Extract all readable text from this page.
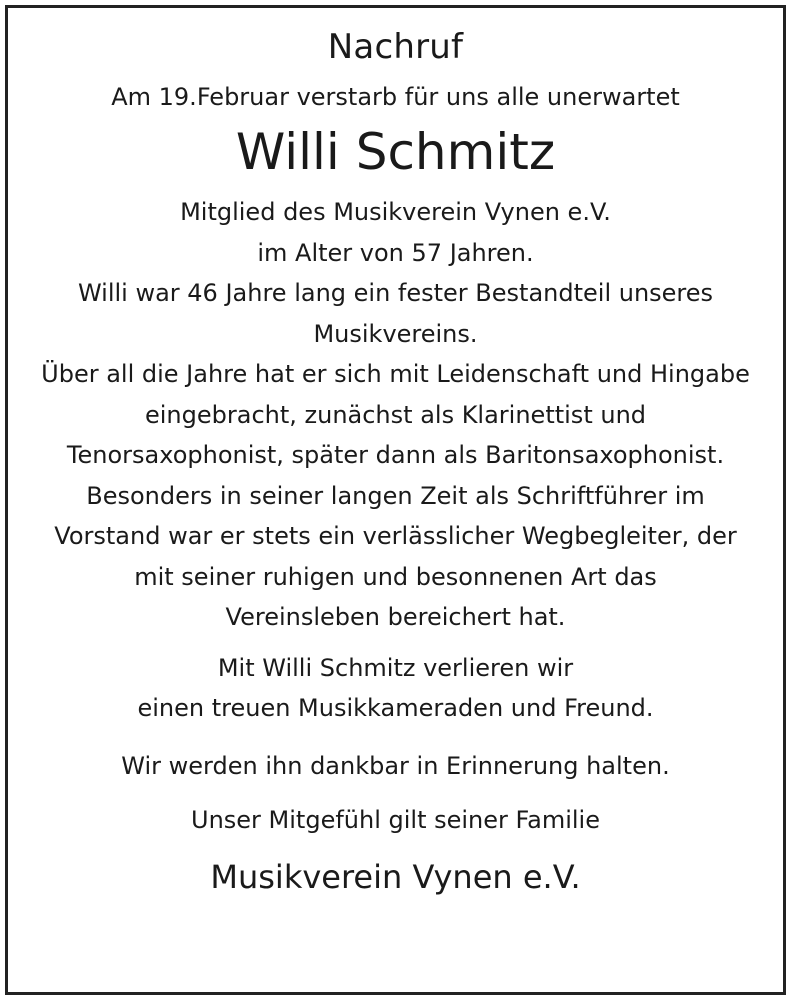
Nachruf
Am 19.Februar verstarb für uns alle unerwartet
Willi Schmitz
Mitglied des Musikverein Vynen e.V.
im Alter von 57 Jahren.
Willi war 46 Jahre lang ein fester Bestandteil unseres
Musikvereins.
Über all die Jahre hat er sich mit Leidenschaft und Hingabe
eingebracht, zunächst als Klarinettist und
Tenorsaxophonist, später dann als Baritonsaxophonist.
Besonders in seiner langen Zeit als Schriftführer im
Vorstand war er stets ein verlässlicher Wegbegleiter, der
mit seiner ruhigen und besonnenen Art das
Vereinsleben bereichert hat.
Mit Willi Schmitz verlieren wir
einen treuen Musikkameraden und Freund.
Wir werden ihn dankbar in Erinnerung halten.
Unser Mitgefühl gilt seiner Familie
Musikverein Vynen e.V.
